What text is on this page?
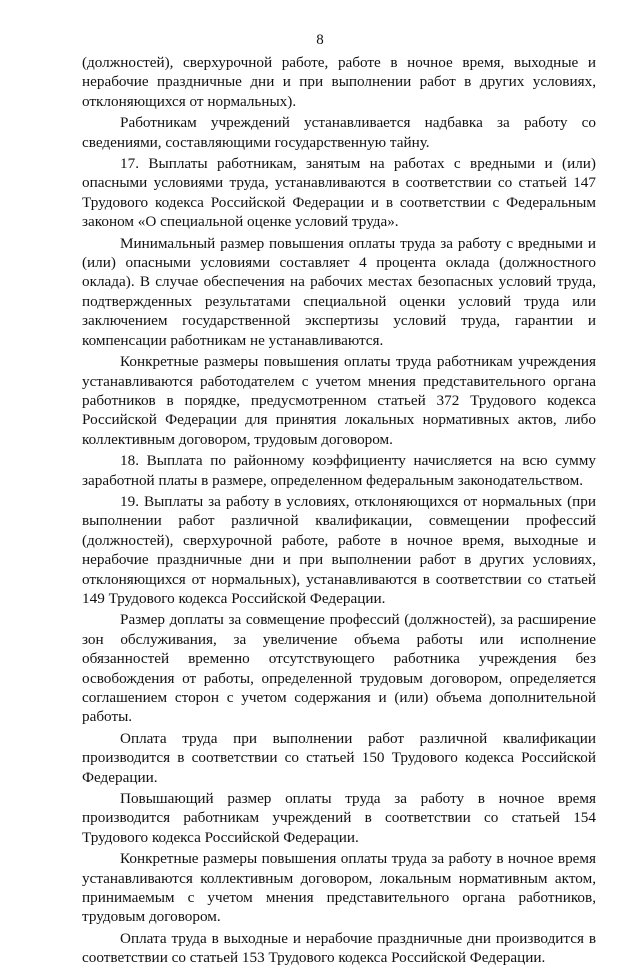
8

(должностей), сверхурочной работе, работе в ночное время, выходные и нерабочие праздничные дни и при выполнении работ в других условиях, отклоняющихся от нормальных).

Работникам учреждений устанавливается надбавка за работу со сведениями, составляющими государственную тайну.

17. Выплаты работникам, занятым на работах с вредными и (или) опасными условиями труда, устанавливаются в соответствии со статьей 147 Трудового кодекса Российской Федерации и в соответствии с Федеральным законом «О специальной оценке условий труда».

Минимальный размер повышения оплаты труда за работу с вредными и (или) опасными условиями составляет 4 процента оклада (должностного оклада). В случае обеспечения на рабочих местах безопасных условий труда, подтвержденных результатами специальной оценки условий труда или заключением государственной экспертизы условий труда, гарантии и компенсации работникам не устанавливаются.

Конкретные размеры повышения оплаты труда работникам учреждения устанавливаются работодателем с учетом мнения представительного органа работников в порядке, предусмотренном статьей 372 Трудового кодекса Российской Федерации для принятия локальных нормативных актов, либо коллективным договором, трудовым договором.

18. Выплата по районному коэффициенту начисляется на всю сумму заработной платы в размере, определенном федеральным законодательством.

19. Выплаты за работу в условиях, отклоняющихся от нормальных (при выполнении работ различной квалификации, совмещении профессий (должностей), сверхурочной работе, работе в ночное время, выходные и нерабочие праздничные дни и при выполнении работ в других условиях, отклоняющихся от нормальных), устанавливаются в соответствии со статьей 149 Трудового кодекса Российской Федерации.

Размер доплаты за совмещение профессий (должностей), за расширение зон обслуживания, за увеличение объема работы или исполнение обязанностей временно отсутствующего работника учреждения без освобождения от работы, определенной трудовым договором, определяется соглашением сторон с учетом содержания и (или) объема дополнительной работы.

Оплата труда при выполнении работ различной квалификации производится в соответствии со статьей 150 Трудового кодекса Российской Федерации.

Повышающий размер оплаты труда за работу в ночное время производится работникам учреждений в соответствии со статьей 154 Трудового кодекса Российской Федерации.

Конкретные размеры повышения оплаты труда за работу в ночное время устанавливаются коллективным договором, локальным нормативным актом, принимаемым с учетом мнения представительного органа работников, трудовым договором.

Оплата труда в выходные и нерабочие праздничные дни производится в соответствии со статьей 153 Трудового кодекса Российской Федерации.
